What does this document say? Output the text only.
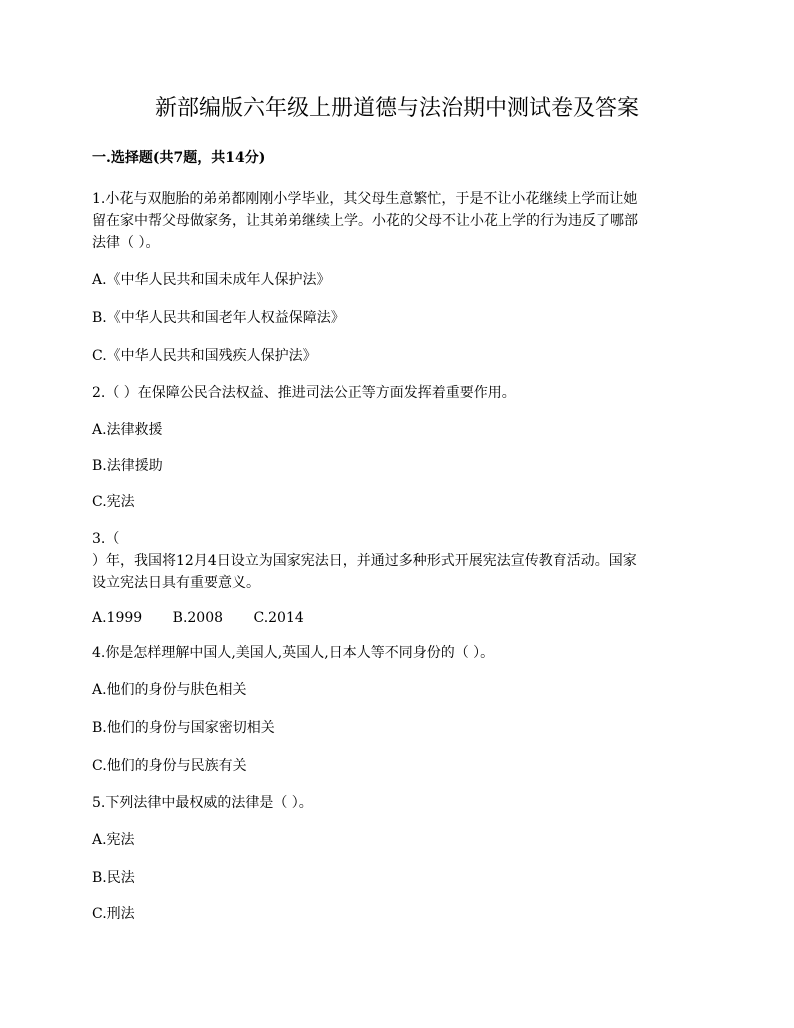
新部编版六年级上册道德与法治期中测试卷及答案
一.选择题(共7题，共14分)
1.小花与双胞胎的弟弟都刚刚小学毕业，其父母生意繁忙，于是不让小花继续上学而让她
留在家中帮父母做家务，让其弟弟继续上学。小花的父母不让小花上学的行为违反了哪部
法律（ ）。
A.《中华人民共和国未成年人保护法》
B.《中华人民共和国老年人权益保障法》
C.《中华人民共和国残疾人保护法》
2.（ ）在保障公民合法权益、推进司法公正等方面发挥着重要作用。
A.法律救援
B.法律援助
C.宪法
3.（
）年，我国将12月4日设立为国家宪法日，并通过多种形式开展宪法宣传教育活动。国家
设立宪法日具有重要意义。
A.1999 B.2008 C.2014
4.你是怎样理解中国人,美国人,英国人,日本人等不同身份的（ ）。
A.他们的身份与肤色相关
B.他们的身份与国家密切相关
C.他们的身份与民族有关
5.下列法律中最权威的法律是（ ）。
A.宪法
B.民法
C.刑法
